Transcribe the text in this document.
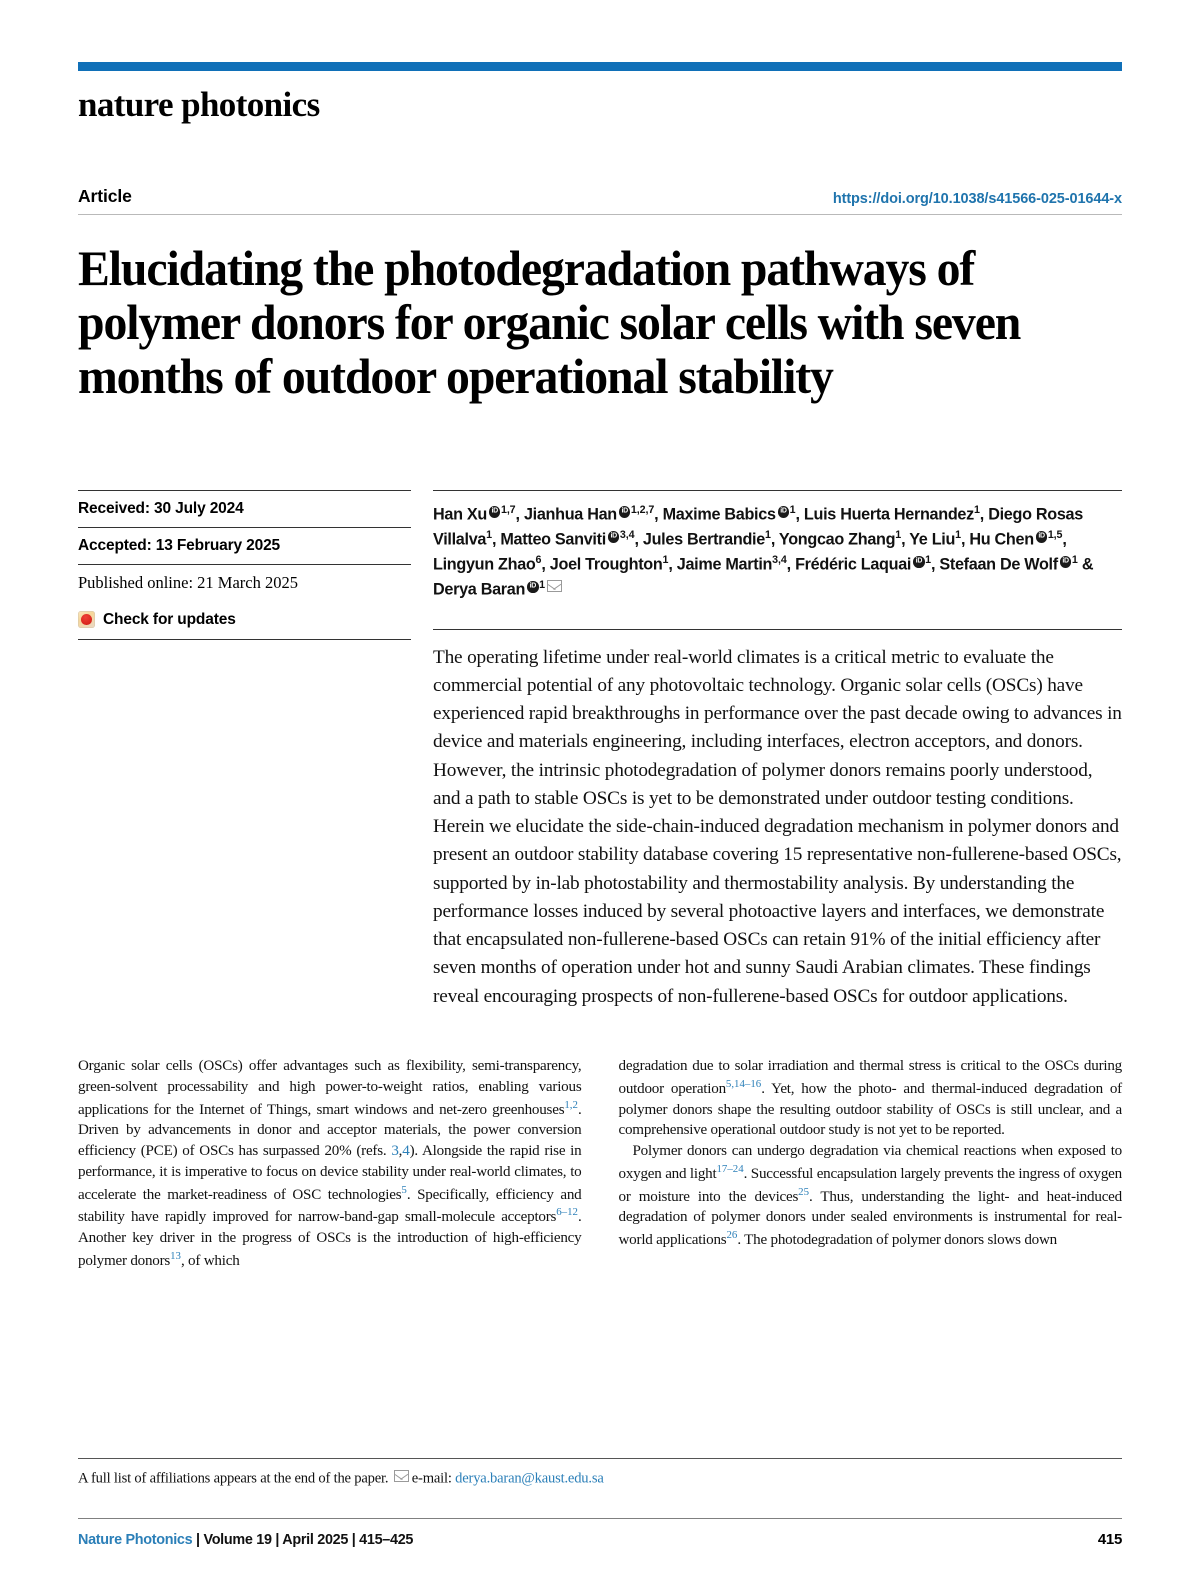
nature photonics
Article	https://doi.org/10.1038/s41566-025-01644-x
Elucidating the photodegradation pathways of polymer donors for organic solar cells with seven months of outdoor operational stability
Received: 30 July 2024
Accepted: 13 February 2025
Published online: 21 March 2025
Check for updates
Han Xu iD $^{1,7}$, Jianhua Han iD $^{1,2,7}$, Maxime Babics iD $^1$, Luis Huerta Hernandez$^1$, Diego Rosas Villalva$^1$, Matteo Sanviti iD $^{3,4}$, Jules Bertrandie$^1$, Yongcao Zhang$^1$, Ye Liu$^1$, Hu Chen iD $^{1,5}$, Lingyun Zhao$^6$, Joel Troughton$^1$, Jaime Martin$^{3,4}$, Frédéric LaquaiiD $^1$, Stefaan De Wolf iD $^1$ & Derya Baran iD $^1$
The operating lifetime under real-world climates is a critical metric to evaluate the commercial potential of any photovoltaic technology. Organic solar cells (OSCs) have experienced rapid breakthroughs in performance over the past decade owing to advances in device and materials engineering, including interfaces, electron acceptors, and donors. However, the intrinsic photodegradation of polymer donors remains poorly understood, and a path to stable OSCs is yet to be demonstrated under outdoor testing conditions. Herein we elucidate the side-chain-induced degradation mechanism in polymer donors and present an outdoor stability database covering 15 representative non-fullerene-based OSCs, supported by in-lab photostability and thermostability analysis. By understanding the performance losses induced by several photoactive layers and interfaces, we demonstrate that encapsulated non-fullerene-based OSCs can retain 91% of the initial efficiency after seven months of operation under hot and sunny Saudi Arabian climates. These findings reveal encouraging prospects of non-fullerene-based OSCs for outdoor applications.

Organic solar cells (OSCs) offer advantages such as flexibility, semi-transparency, green-solvent processability and high power-to-weight ratios, enabling various applications for the Internet of Things, smart windows and net-zero greenhouses$^{1,2}$. Driven by advancements in donor and acceptor materials, the power conversion efficiency (PCE) of OSCs has surpassed 20% (refs. 3,4). Alongside the rapid rise in performance, it is imperative to focus on device stability under real-world climates, to accelerate the market-readiness of OSC technologies$^5$. Specifically, efficiency and stability have rapidly improved for narrow-band-gap small-molecule acceptors$^{6-12}$. Another key driver in the progress of OSCs is the introduction of high-efficiency polymer donors$^{13}$, of which

degradation due to solar irradiation and thermal stress is critical to the OSCs during outdoor operation$^{5,14-16}$. Yet, how the photo- and thermal-induced degradation of polymer donors shape the resulting outdoor stability of OSCs is still unclear, and a comprehensive operational outdoor study is not yet to be reported.

Polymer donors can undergo degradation via chemical reactions when exposed to oxygen and light$^{17-24}$. Successful encapsulation largely prevents the ingress of oxygen or moisture into the devices$^{25}$. Thus, understanding the light- and heat-induced degradation of polymer donors under sealed environments is instrumental for real-world applications$^{26}$. The photodegradation of polymer donors slows down

A full list of affiliations appears at the end of the paper. e-mail: derya.baran@kaust.edu.sa
Nature Photonics | Volume 19 | April 2025 | 415–425	415
